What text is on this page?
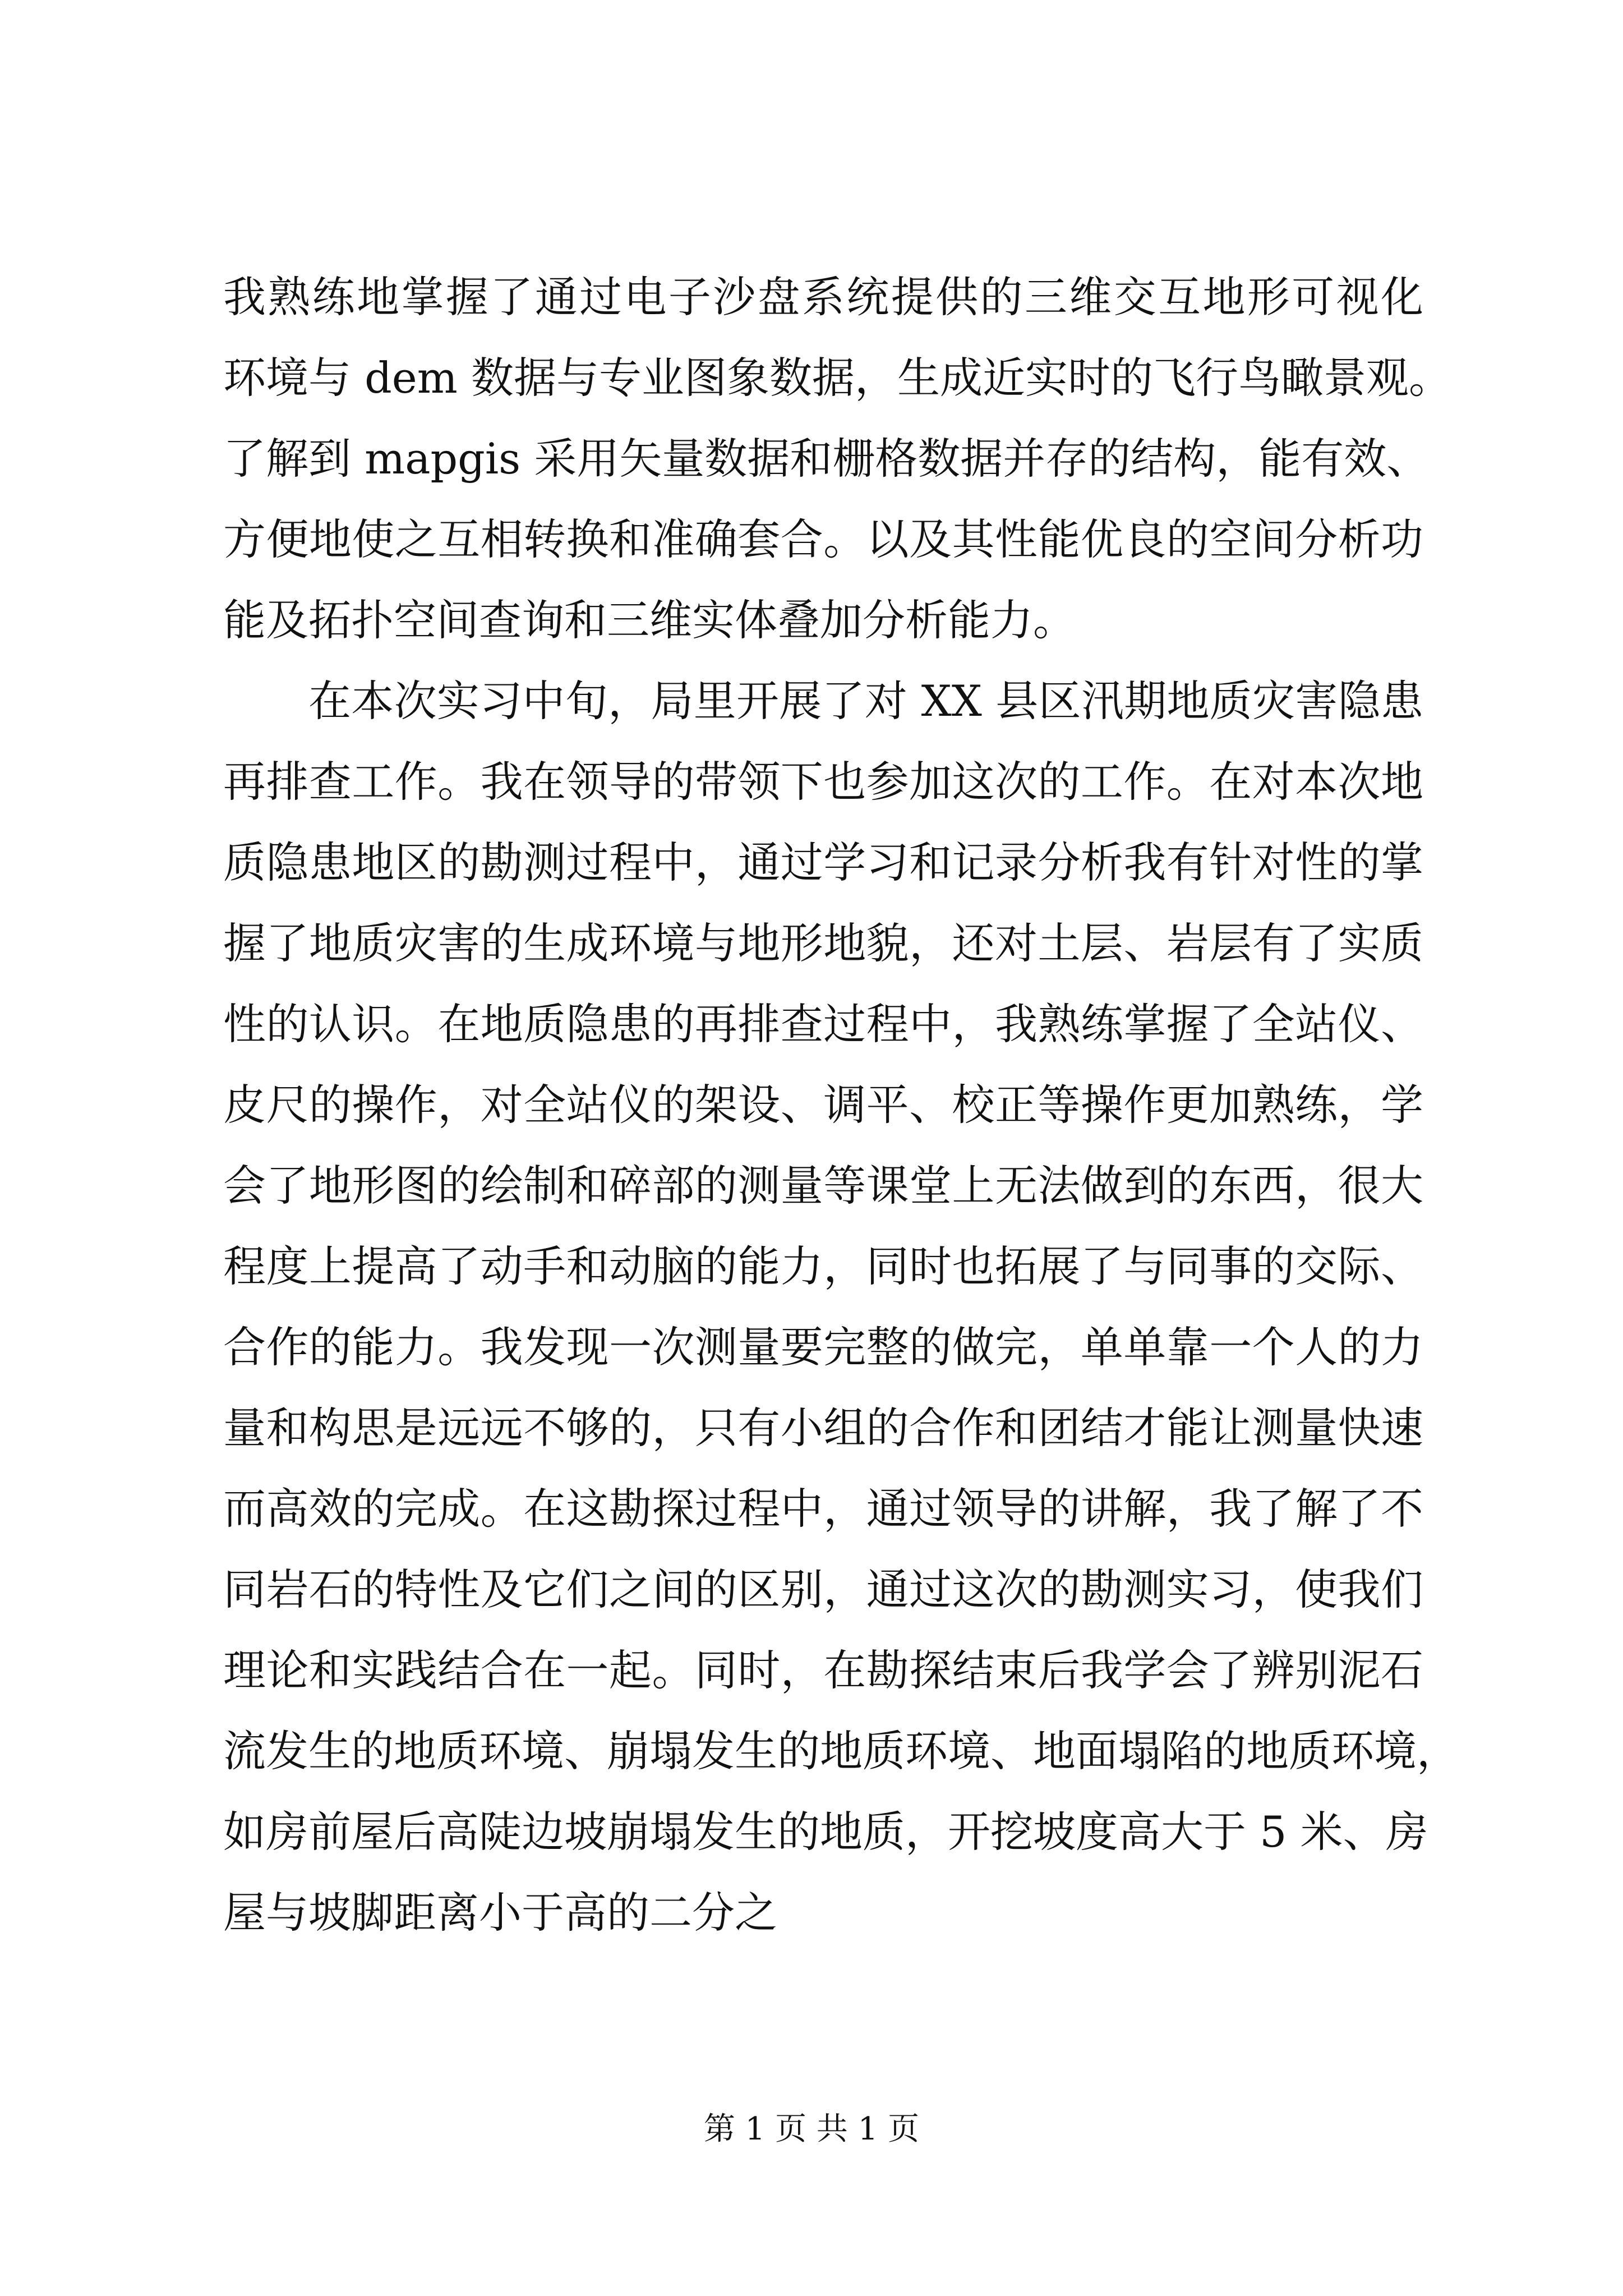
我熟练地掌握了通过电子沙盘系统提供的三维交互地形可视化
环境与 dem 数据与专业图象数据，生成近实时的飞行鸟瞰景观。
了解到 mapgis 采用矢量数据和栅格数据并存的结构，能有效、
方便地使之互相转换和准确套合。以及其性能优良的空间分析功
能及拓扑空间查询和三维实体叠加分析能力。
在本次实习中旬，局里开展了对 XX 县区汛期地质灾害隐患
再排查工作。我在领导的带领下也参加这次的工作。在对本次地
质隐患地区的勘测过程中，通过学习和记录分析我有针对性的掌
握了地质灾害的生成环境与地形地貌，还对土层、岩层有了实质
性的认识。在地质隐患的再排查过程中，我熟练掌握了全站仪、
皮尺的操作，对全站仪的架设、调平、校正等操作更加熟练，学
会了地形图的绘制和碎部的测量等课堂上无法做到的东西，很大
程度上提高了动手和动脑的能力，同时也拓展了与同事的交际、
合作的能力。我发现一次测量要完整的做完，单单靠一个人的力
量和构思是远远不够的，只有小组的合作和团结才能让测量快速
而高效的完成。在这勘探过程中，通过领导的讲解，我了解了不
同岩石的特性及它们之间的区别，通过这次的勘测实习，使我们
理论和实践结合在一起。同时，在勘探结束后我学会了辨别泥石
流发生的地质环境、崩塌发生的地质环境、地面塌陷的地质环境，
如房前屋后高陡边坡崩塌发生的地质，开挖坡度高大于 5 米、房
屋与坡脚距离小于高的二分之
第 1 页 共 1 页
